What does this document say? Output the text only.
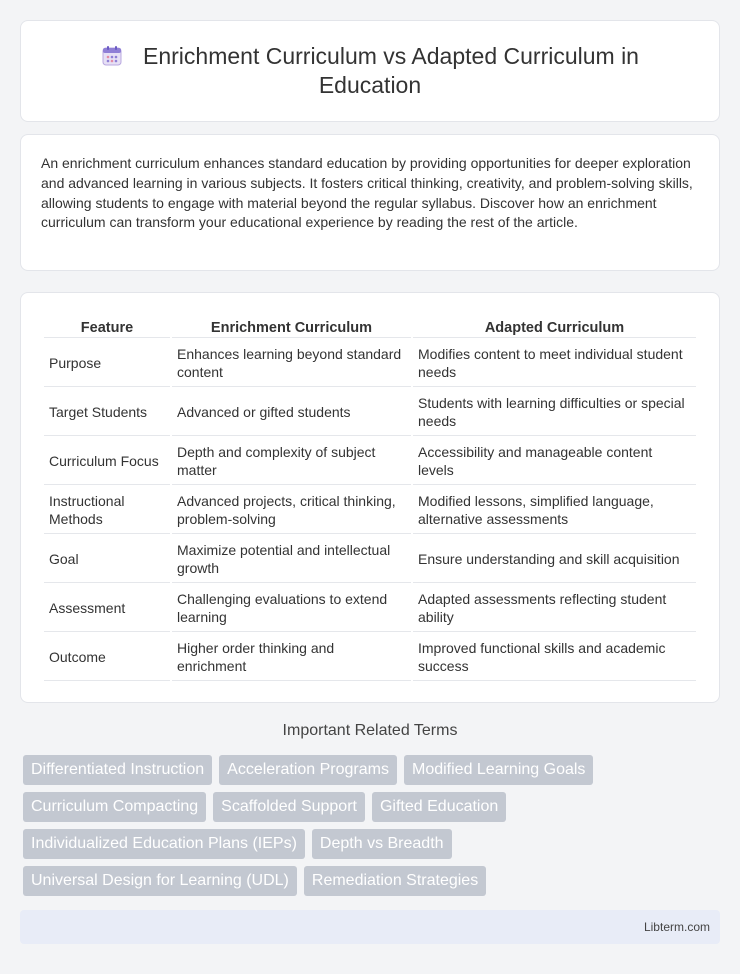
Enrichment Curriculum vs Adapted Curriculum in Education

An enrichment curriculum enhances standard education by providing opportunities for deeper exploration and advanced learning in various subjects. It fosters critical thinking, creativity, and problem-solving skills, allowing students to engage with material beyond the regular syllabus. Discover how an enrichment curriculum can transform your educational experience by reading the rest of the article.

Feature	Enrichment Curriculum	Adapted Curriculum
Purpose	Enhances learning beyond standard content	Modifies content to meet individual student needs
Target Students	Advanced or gifted students	Students with learning difficulties or special needs
Curriculum Focus	Depth and complexity of subject matter	Accessibility and manageable content levels
Instructional Methods	Advanced projects, critical thinking, problem-solving	Modified lessons, simplified language, alternative assessments
Goal	Maximize potential and intellectual growth	Ensure understanding and skill acquisition
Assessment	Challenging evaluations to extend learning	Adapted assessments reflecting student ability
Outcome	Higher order thinking and enrichment	Improved functional skills and academic success
Important Related Terms
Differentiated Instruction	Acceleration Programs	Modified Learning Goals
Curriculum Compacting	Scaffolded Support	Gifted Education
Individualized Education Plans (IEPs)	Depth vs Breadth
Universal Design for Learning (UDL)	Remediation Strategies
Libterm.com
